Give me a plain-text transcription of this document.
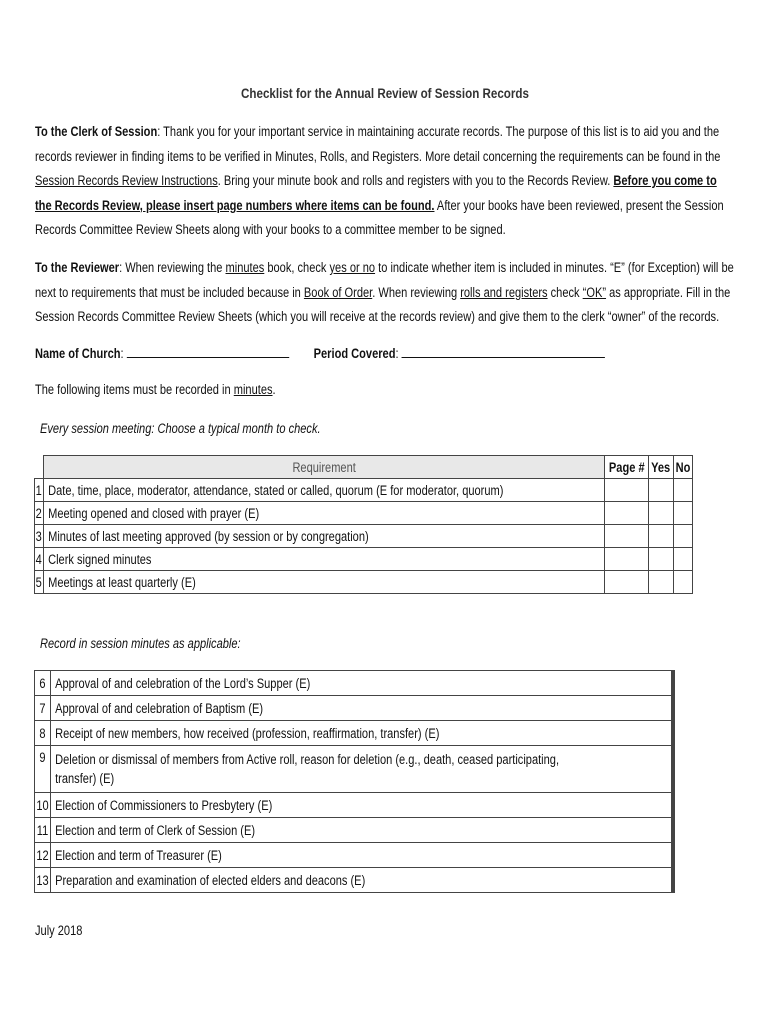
Checklist for the Annual Review of Session Records
To the Clerk of Session: Thank you for your important service in maintaining accurate records. The purpose of this list is to aid you and the records reviewer in finding items to be verified in Minutes, Rolls, and Registers. More detail concerning the requirements can be found in the Session Records Review Instructions. Bring your minute book and rolls and registers with you to the Records Review. Before you come to the Records Review, please insert page numbers where items can be found. After your books have been reviewed, present the Session Records Committee Review Sheets along with your books to a committee member to be signed.
To the Reviewer: When reviewing the minutes book, check yes or no to indicate whether item is included in minutes. “E” (for Exception) will be next to requirements that must be included because in Book of Order. When reviewing rolls and registers check “OK” as appropriate. Fill in the Session Records Committee Review Sheets (which you will receive at the records review) and give them to the clerk “owner” of the records.
Name of Church:	Period Covered:
The following items must be recorded in minutes.
Every session meeting: Choose a typical month to check.

	Requirement	Page #	Yes	No

1	Date, time, place, moderator, attendance, stated or called, quorum (E for moderator, quorum)			

2	Meeting opened and closed with prayer (E)			

3	Minutes of last meeting approved (by session or by congregation)			

4	Clerk signed minutes			

5	Meetings at least quarterly (E)			

Record in session minutes as applicable:
6	Approval of and celebration of the Lord’s Supper (E)		

7	Approval of and celebration of Baptism (E)		

8	Receipt of new members, how received (profession, reaffirmation, transfer) (E)		

9	Deletion or dismissal of members from Active roll, reason for deletion (e.g., death, ceased participating,
transfer) (E)		

10	Election of Commissioners to Presbytery (E)		

11	Election and term of Clerk of Session (E)		

12	Election and term of Treasurer (E)		

13	Preparation and examination of elected elders and deacons (E)		

July 2018
